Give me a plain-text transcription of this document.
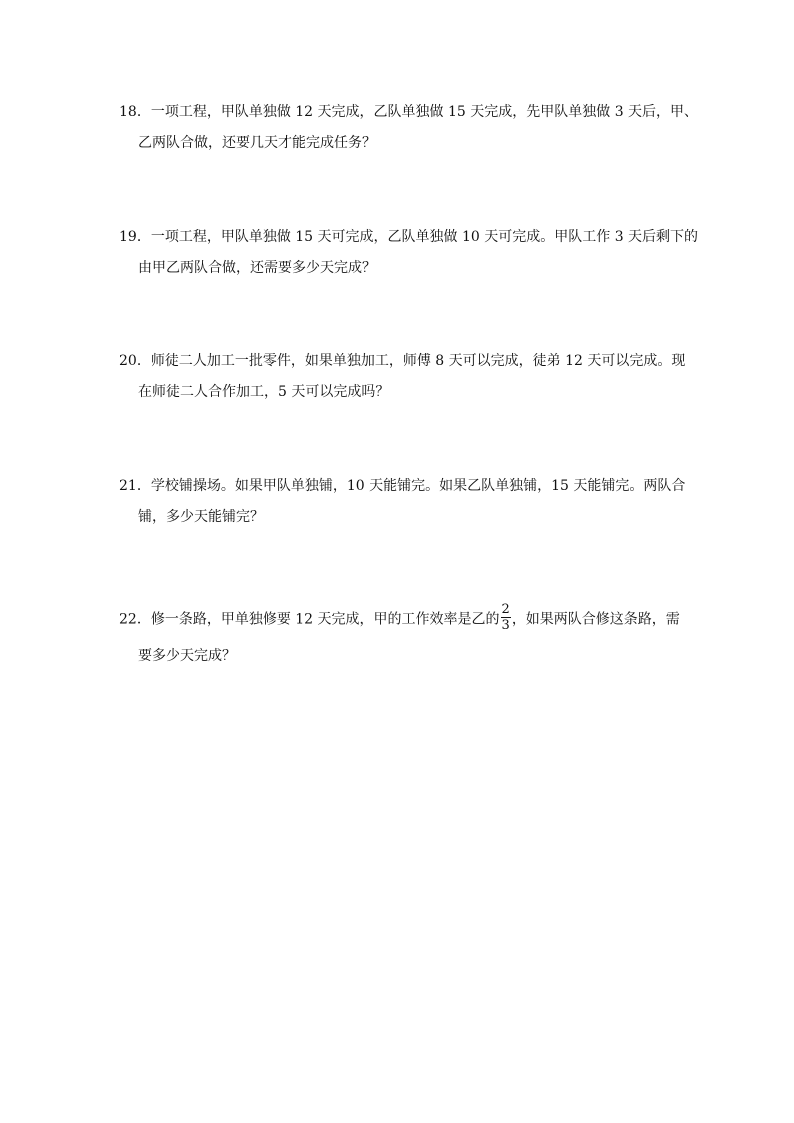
18．一项工程，甲队单独做 12 天完成，乙队单独做 15 天完成，先甲队单独做 3 天后，甲、
乙两队合做，还要几天才能完成任务？
19．一项工程，甲队单独做 15 天可完成，乙队单独做 10 天可完成。甲队工作 3 天后剩下的
由甲乙两队合做，还需要多少天完成？
20．师徒二人加工一批零件，如果单独加工，师傅 8 天可以完成，徒弟 12 天可以完成。现
在师徒二人合作加工，5 天可以完成吗？
21．学校铺操场。如果甲队单独铺，10 天能铺完。如果乙队单独铺，15 天能铺完。两队合
铺，多少天能铺完？
22．修一条路，甲单独修要 12 天完成，甲的工作效率是乙的 $\frac{2}{3}$ ，如果两队合修这条路，需
要多少天完成？
